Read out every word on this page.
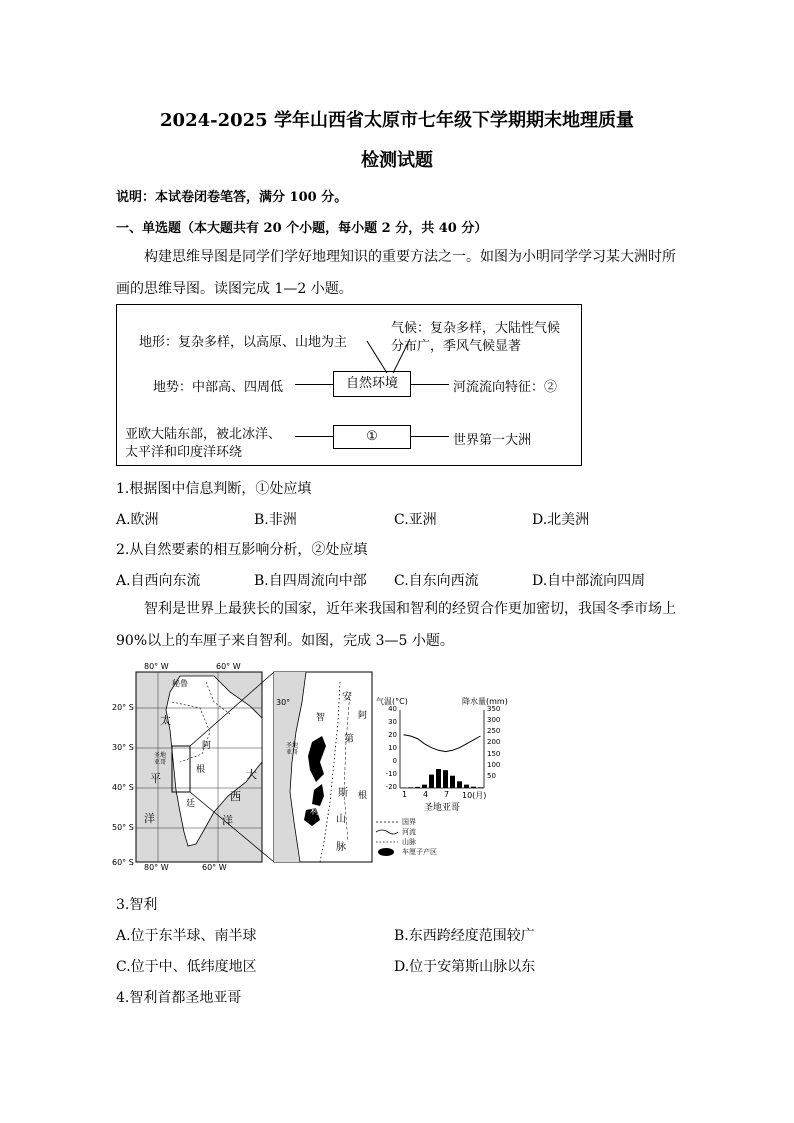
2024-2025 学年山西省太原市七年级下学期期末地理质量
检测试题
说明：本试卷闭卷笔答，满分 100 分。
一、单选题（本大题共有 20 个小题，每小题 2 分，共 40 分）
构建思维导图是同学们学好地理知识的重要方法之一。如图为小明同学学习某大洲时所画的思维导图。读图完成 1—2 小题。
地形：复杂多样，以高原、山地为主
气候：复杂多样，大陆性气候
分布广，季风气候显著
地势：中部高、四周低	自然环境	河流流向特征：②
亚欧大陆东部，被北冰洋、
太平洋和印度洋环绕
①	世界第一大洲
1.根据图中信息判断，①处应填
A.欧洲	B.非洲	C.亚洲	D.北美洲
2.从自然要素的相互影响分析，②处应填
A.自西向东流	B.自四周流向中部 C.自东向西流	D.自中部流向四周
智利是世界上最狭长的国家，近年来我国和智利的经贸合作更加密切，我国冬季市场上 90%以上的车厘子来自智利。如图，完成 3—5 小题。
80° W	60° W
80° W	60° W
20° S
30° S
40° S
50° S
60° S
30°
秘鲁
太
平
洋
圣地亚哥
阿
根
廷
大
西
洋
智
圣地亚哥
利
安
第
斯
山
脉
阿
根
气温(°C)	降水量(mm)
1 4 7 10(月)
圣地亚哥
国界
河流
山脉
车厘子产区
40
30
20
10
0
-10
-20
350
300
250
200
150
100
50
3.智利
A.位于东半球、南半球	B.东西跨经度范围较广
C.位于中、低纬度地区	D.位于安第斯山脉以东
4.智利首都圣地亚哥
